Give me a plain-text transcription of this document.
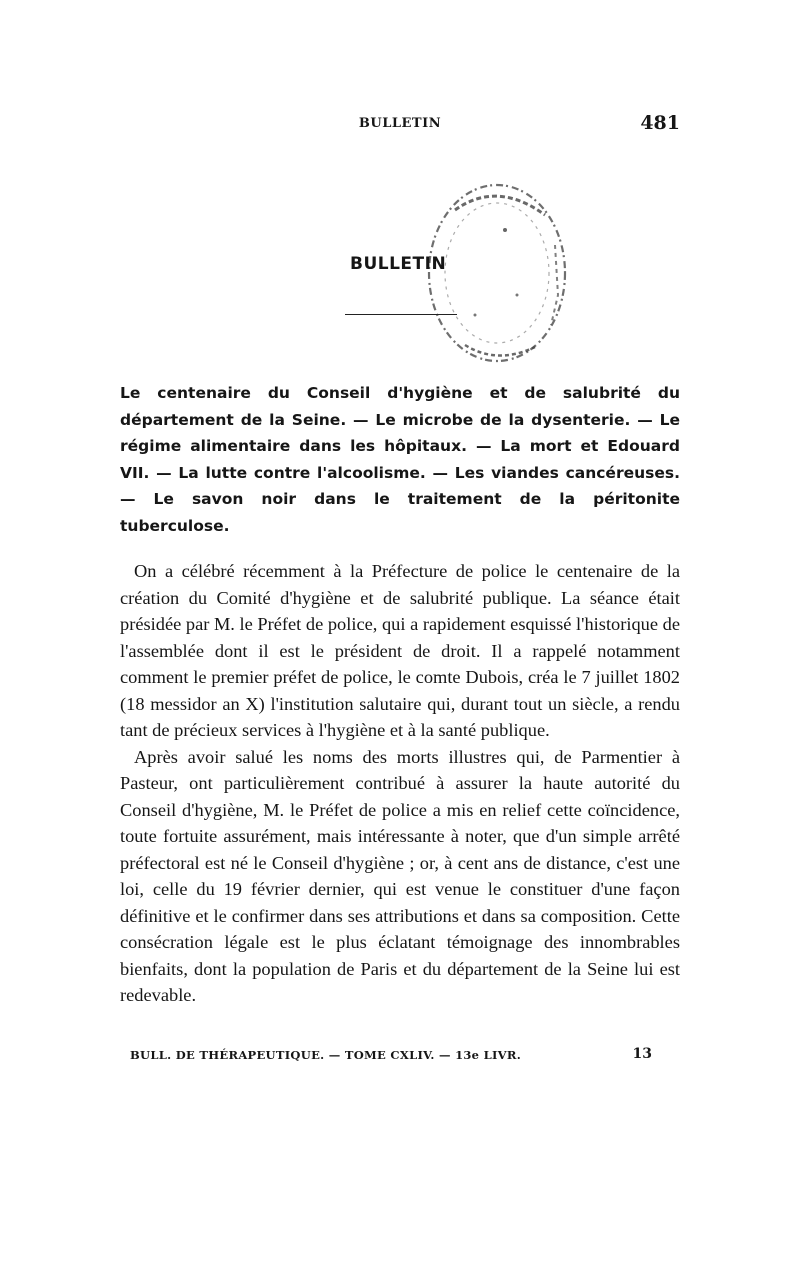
BULLETIN	481
BULLETIN
Le centenaire du Conseil d'hygiène et de salubrité du département de la Seine. — Le microbe de la dysenterie. — Le régime alimentaire dans les hôpitaux. — La mort et Edouard VII. — La lutte contre l'alcoolisme. — Les viandes cancéreuses. — Le savon noir dans le traitement de la péritonite tuberculose.

On a célébré récemment à la Préfecture de police le centenaire de la création du Comité d'hygiène et de salubrité publique. La séance était présidée par M. le Préfet de police, qui a rapidement esquissé l'historique de l'assemblée dont il est le président de droit. Il a rappelé notamment comment le premier préfet de police, le comte Dubois, créa le 7 juillet 1802 (18 messidor an X) l'institution salutaire qui, durant tout un siècle, a rendu tant de précieux services à l'hygiène et à la santé publique.

Après avoir salué les noms des morts illustres qui, de Parmentier à Pasteur, ont particulièrement contribué à assurer la haute autorité du Conseil d'hygiène, M. le Préfet de police a mis en relief cette coïncidence, toute fortuite assurément, mais intéressante à noter, que d'un simple arrêté préfectoral est né le Conseil d'hygiène ; or, à cent ans de distance, c'est une loi, celle du 19 février dernier, qui est venue le constituer d'une façon définitive et le confirmer dans ses attributions et dans sa composition. Cette consécration légale est le plus éclatant témoignage des innombrables bienfaits, dont la population de Paris et du département de la Seine lui est redevable.

BULL. DE THÉRAPEUTIQUE. — TOME CXLIV. — 13e LIVR.	13
